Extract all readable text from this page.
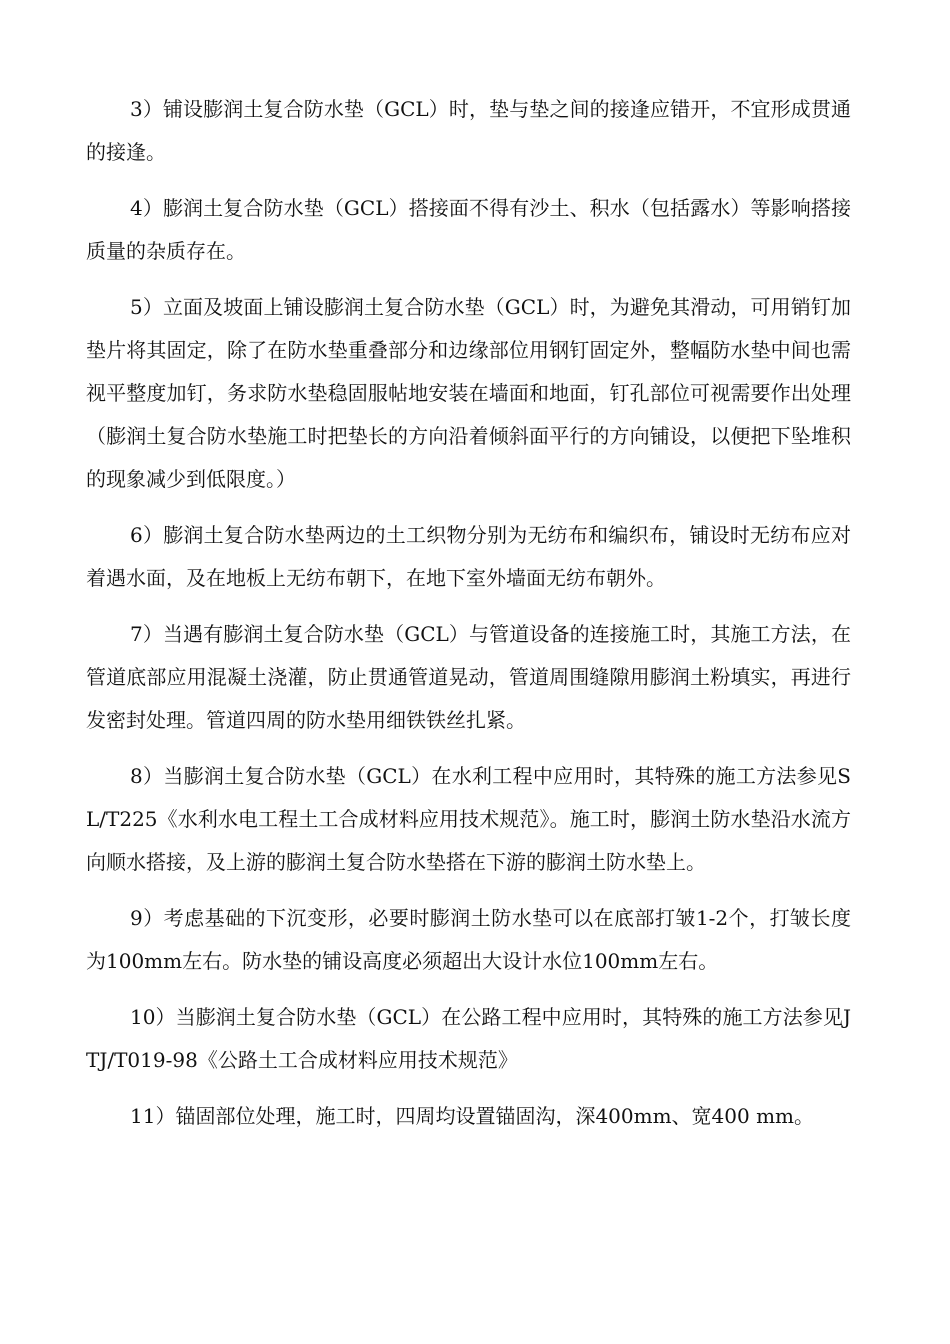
3）铺设膨润土复合防水垫（GCL）时，垫与垫之间的接逢应错开，不宜形成贯通的接逢。

4）膨润土复合防水垫（GCL）搭接面不得有沙土、积水（包括露水）等影响搭接质量的杂质存在。

5）立面及坡面上铺设膨润土复合防水垫（GCL）时，为避免其滑动，可用销钉加垫片将其固定，除了在防水垫重叠部分和边缘部位用钢钉固定外，整幅防水垫中间也需视平整度加钉，务求防水垫稳固服帖地安装在墙面和地面，钉孔部位可视需要作出处理（膨润土复合防水垫施工时把垫长的方向沿着倾斜面平行的方向铺设，以便把下坠堆积的现象减少到低限度。）

6）膨润土复合防水垫两边的土工织物分别为无纺布和编织布，铺设时无纺布应对着遇水面，及在地板上无纺布朝下，在地下室外墙面无纺布朝外。

7）当遇有膨润土复合防水垫（GCL）与管道设备的连接施工时，其施工方法，在管道底部应用混凝土浇灌，防止贯通管道晃动，管道周围缝隙用膨润土粉填实，再进行发密封处理。管道四周的防水垫用细铁铁丝扎紧。

8）当膨润土复合防水垫（GCL）在水利工程中应用时，其特殊的施工方法参见SL/T225《水利水电工程土工合成材料应用技术规范》。施工时，膨润土防水垫沿水流方向顺水搭接，及上游的膨润土复合防水垫搭在下游的膨润土防水垫上。

9）考虑基础的下沉变形，必要时膨润土防水垫可以在底部打皱1-2个，打皱长度为100mm左右。防水垫的铺设高度必须超出大设计水位100mm左右。

10）当膨润土复合防水垫（GCL）在公路工程中应用时，其特殊的施工方法参见JTJ/T019-98《公路土工合成材料应用技术规范》

11）锚固部位处理，施工时，四周均设置锚固沟，深400mm、宽400 mm。
